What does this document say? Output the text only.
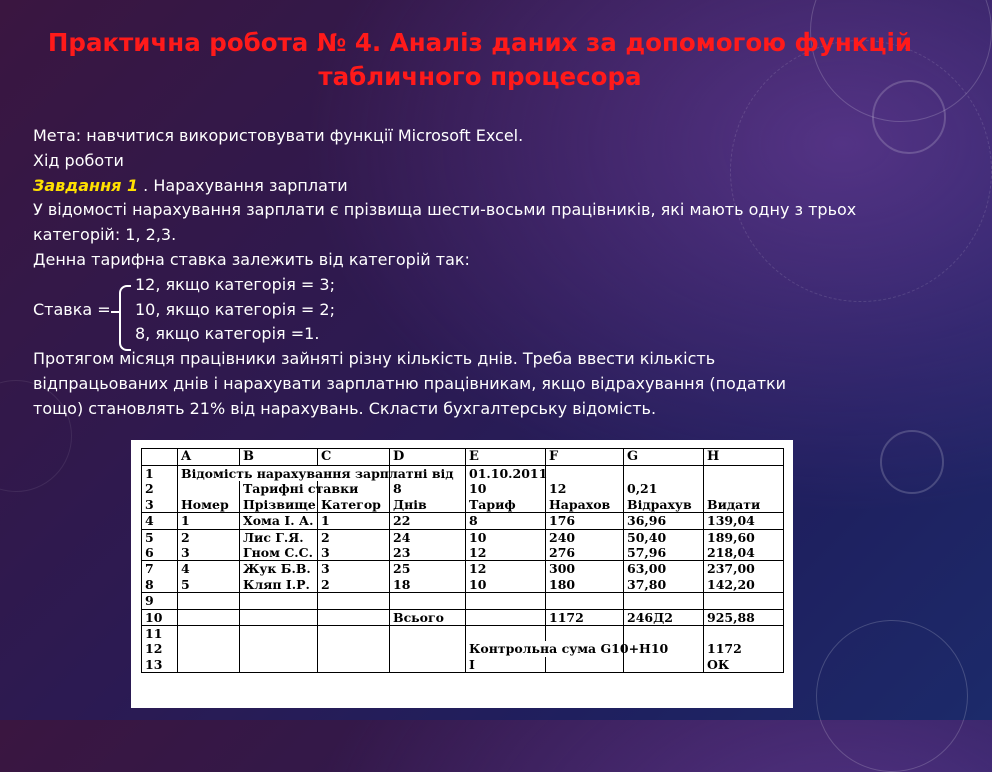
Практична робота № 4. Аналіз даних за допомогою функцій табличного процесора
Мета: навчитися використовувати функції Microsoft Excel.
Хід роботи
Завдання 1 . Нарахування зарплати
У відомості нарахування зарплати є прізвища шести-восьми працівників, які мають одну з трьох
категорій: 1, 2,3.
Денна тарифна ставка залежить від категорій так:
12, якщо категорія = 3;
Ставка = 10, якщо категорія = 2;
8, якщо категорія =1.
Протягом місяця працівники зайняті різну кількість днів. Треба ввести кількість
відпрацьованих днів і нарахувати зарплатню працівникам, якщо відрахування (податки
тощо) становлять 21% від нарахувань. Скласти бухгалтерську відомість.
	A	B	C	D	E	F	G	H
1	Відомість нарахування зарплатні від				01.10.2011			
2		Тарифні ставки		8	10	12	0,21	
3	Номер	Прізвище	Категор	Днів	Тариф	Нарахов	Відрахув	Видати
4	1	Хома І. А.	1	22	8	176	36,96	139,04
5	2	Лис Г.Я.	2	24	10	240	50,40	189,60
6	3	Гном С.С.	3	23	12	276	57,96	218,04
7	4	Жук Б.В.	3	25	12	300	63,00	237,00
8	5	Кляп І.Р.	2	18	10	180	37,80	142,20
9								
10				Всього		1172	246Д2	925,88
11								
12					Контрольна сума G10+H10			1172
13					І			ОК
